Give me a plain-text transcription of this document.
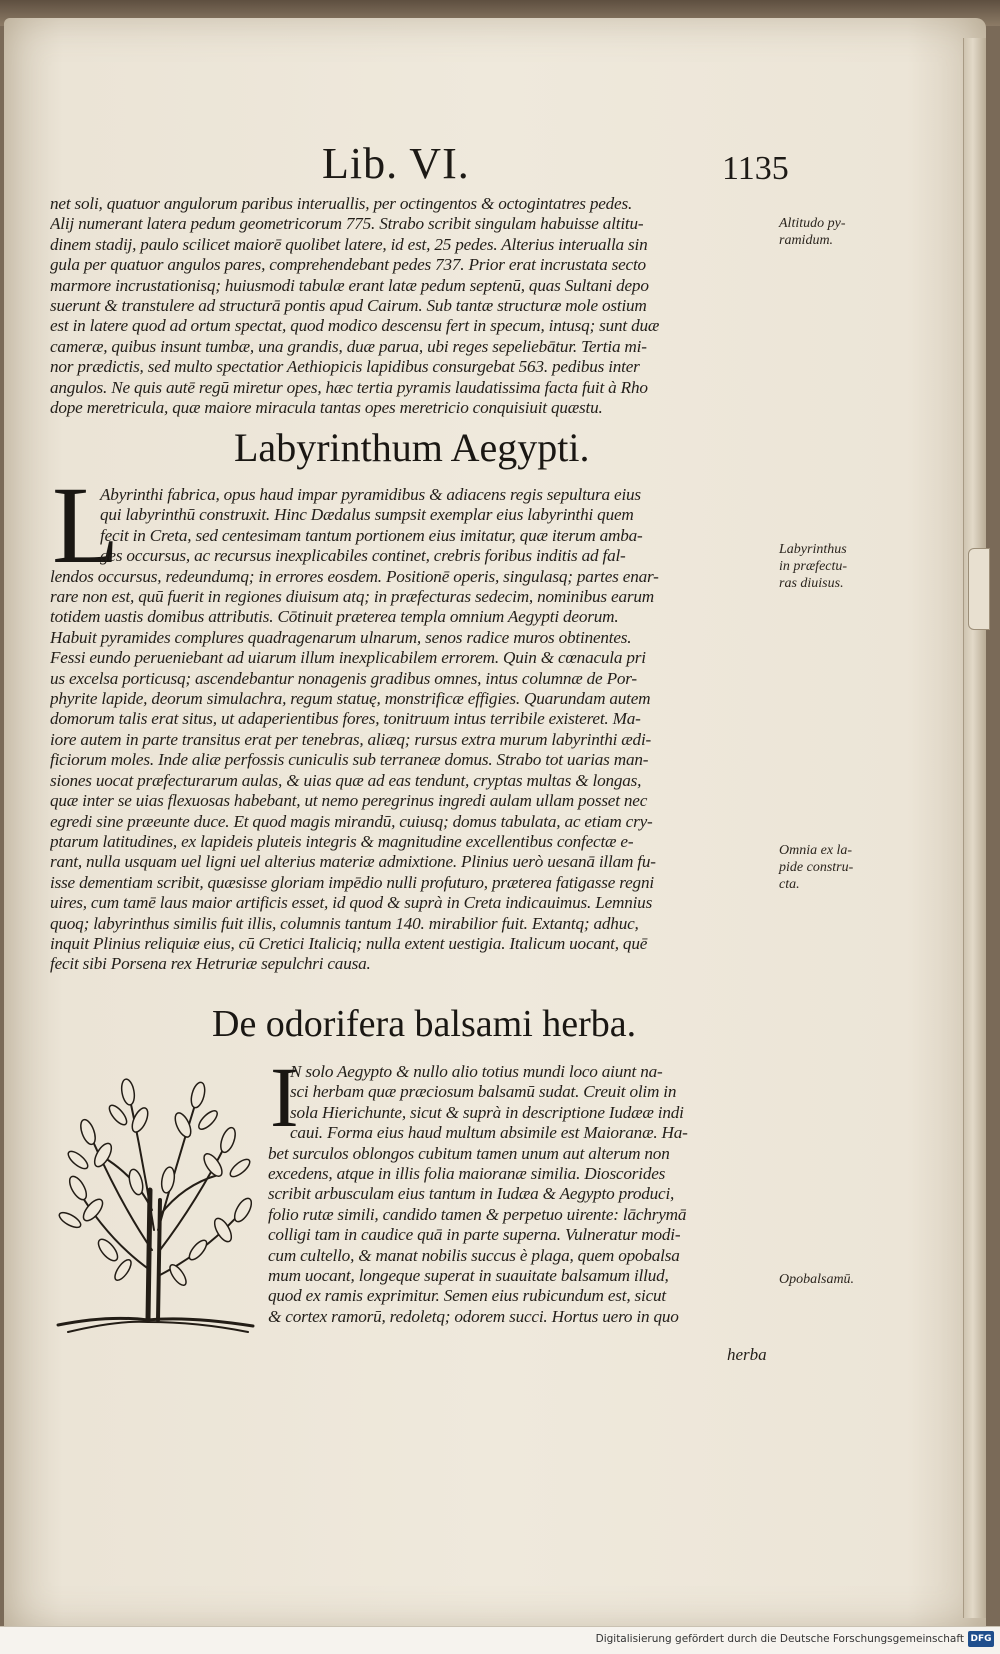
Lib. VI.	1135
net soli, quatuor angulorum paribus interuallis, per octingentos & octogintatres pedes.
Alij numerant latera pedum geometricorum 775. Strabo scribit singulam habuisse altitu-
dinem stadij, paulo scilicet maiorē quolibet latere, id est, 25 pedes. Alterius interualla sin
gula per quatuor angulos pares, comprehendebant pedes 737. Prior erat incrustata secto
marmore incrustationisq; huiusmodi tabulæ erant latæ pedum septenū, quas Sultani depo
suerunt & transtulere ad structurā pontis apud Cairum. Sub tantæ structuræ mole ostium
est in latere quod ad ortum spectat, quod modico descensu fert in specum, intusq; sunt duæ
cameræ, quibus insunt tumbæ, una grandis, duæ parua, ubi reges sepeliebātur. Tertia mi-
nor prædictis, sed multo spectatior Aethiopicis lapidibus consurgebat 563. pedibus inter
angulos. Ne quis autē regū miretur opes, hæc tertia pyramis laudatissima facta fuit à Rho
dope meretricula, quæ maiore miracula tantas opes meretricio conquisiuit quæstu.
Labyrinthum Aegypti.
L
Abyrinthi fabrica, opus haud impar pyramidibus & adiacens regis sepultura eius
qui labyrinthū construxit. Hinc Dædalus sumpsit exemplar eius labyrinthi quem
fecit in Creta, sed centesimam tantum portionem eius imitatur, quæ iterum amba-
ges occursus, ac recursus inexplicabiles continet, crebris foribus inditis ad fal-
lendos occursus, redeundumq; in errores eosdem. Positionē operis, singulasq; partes enar-
rare non est, quū fuerit in regiones diuisum atq; in præfecturas sedecim, nominibus earum
totidem uastis domibus attributis. Cōtinuit præterea templa omnium Aegypti deorum.
Habuit pyramides complures quadragenarum ulnarum, senos radice muros obtinentes.
Fessi eundo perueniebant ad uiarum illum inexplicabilem errorem. Quin & cœnacula pri
us excelsa porticusq; ascendebantur nonagenis gradibus omnes, intus columnæ de Por-
phyrite lapide, deorum simulachra, regum statuę, monstrificæ effigies. Quarundam autem
domorum talis erat situs, ut adaperientibus fores, tonitruum intus terribile existeret. Ma-
iore autem in parte transitus erat per tenebras, aliæq; rursus extra murum labyrinthi ædi-
ficiorum moles. Inde aliæ perfossis cuniculis sub terraneæ domus. Strabo tot uarias man-
siones uocat præfecturarum aulas, & uias quæ ad eas tendunt, cryptas multas & longas,
quæ inter se uias flexuosas habebant, ut nemo peregrinus ingredi aulam ullam posset nec
egredi sine præeunte duce. Et quod magis mirandū, cuiusq; domus tabulata, ac etiam cry-
ptarum latitudines, ex lapideis pluteis integris & magnitudine excellentibus confectæ e-
rant, nulla usquam uel ligni uel alterius materiæ admixtione. Plinius uerò uesanā illam fu-
isse dementiam scribit, quæsisse gloriam impēdio nulli profuturo, præterea fatigasse regni
uires, cum tamē laus maior artificis esset, id quod & suprà in Creta indicauimus. Lemnius
quoq; labyrinthus similis fuit illis, columnis tantum 140. mirabilior fuit. Extantq; adhuc,
inquit Plinius reliquiæ eius, cū Cretici Italiciq; nulla extent uestigia. Italicum uocant, quē
fecit sibi Porsena rex Hetruriæ sepulchri causa.
De odorifera balsami herba.
I
N solo Aegypto & nullo alio totius mundi loco aiunt na-
sci herbam quæ præciosum balsamū sudat. Creuit olim in
sola Hierichunte, sicut & suprà in descriptione Iudææ indi
caui. Forma eius haud multum absimile est Maioranæ. Ha-
bet surculos oblongos cubitum tamen unum aut alterum non
excedens, atque in illis folia maioranæ similia. Dioscorides
scribit arbusculam eius tantum in Iudæa & Aegypto produci,
folio rutæ simili, candido tamen & perpetuo uirente: lāchrymā
colligi tam in caudice quā in parte superna. Vulneratur modi-
cum cultello, & manat nobilis succus è plaga, quem opobalsa
mum uocant, longeque superat in suauitate balsamum illud,
quod ex ramis exprimitur. Semen eius rubicundum est, sicut
& cortex ramorū, redoletq; odorem succi. Hortus uero in quo
herba
Altitudo py-
ramidum.
Labyrinthus
in præfectu-
ras diuisus.
Omnia ex la-
pide constru-
cta.
Opobalsamū.
Digitalisierung gefördert durch die Deutsche Forschungsgemeinschaft DFG
